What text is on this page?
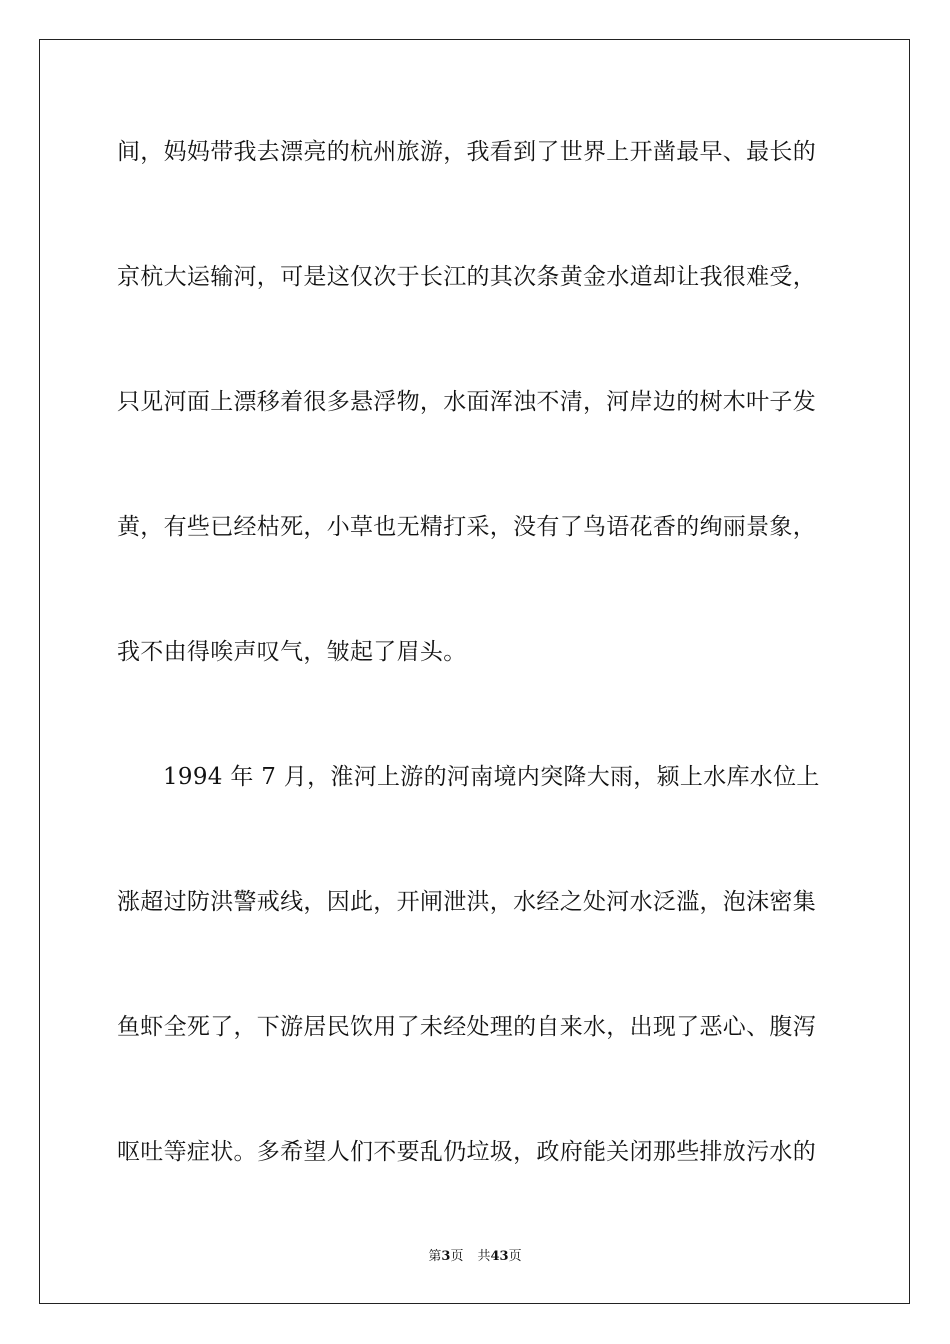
间，妈妈带我去漂亮的杭州旅游，我看到了世界上开凿最早、最长的
京杭大运输河，可是这仅次于长江的其次条黄金水道却让我很难受，
只见河面上漂移着很多悬浮物，水面浑浊不清，河岸边的树木叶子发
黄，有些已经枯死，小草也无精打采，没有了鸟语花香的绚丽景象，
我不由得唉声叹气，皱起了眉头。
1994 年 7 月，淮河上游的河南境内突降大雨，颍上水库水位上
涨超过防洪警戒线，因此，开闸泄洪，水经之处河水泛滥，泡沫密集
鱼虾全死了，下游居民饮用了未经处理的自来水，出现了恶心、腹泻
呕吐等症状。多希望人们不要乱仍垃圾，政府能关闭那些排放污水的
第3页 共43页
